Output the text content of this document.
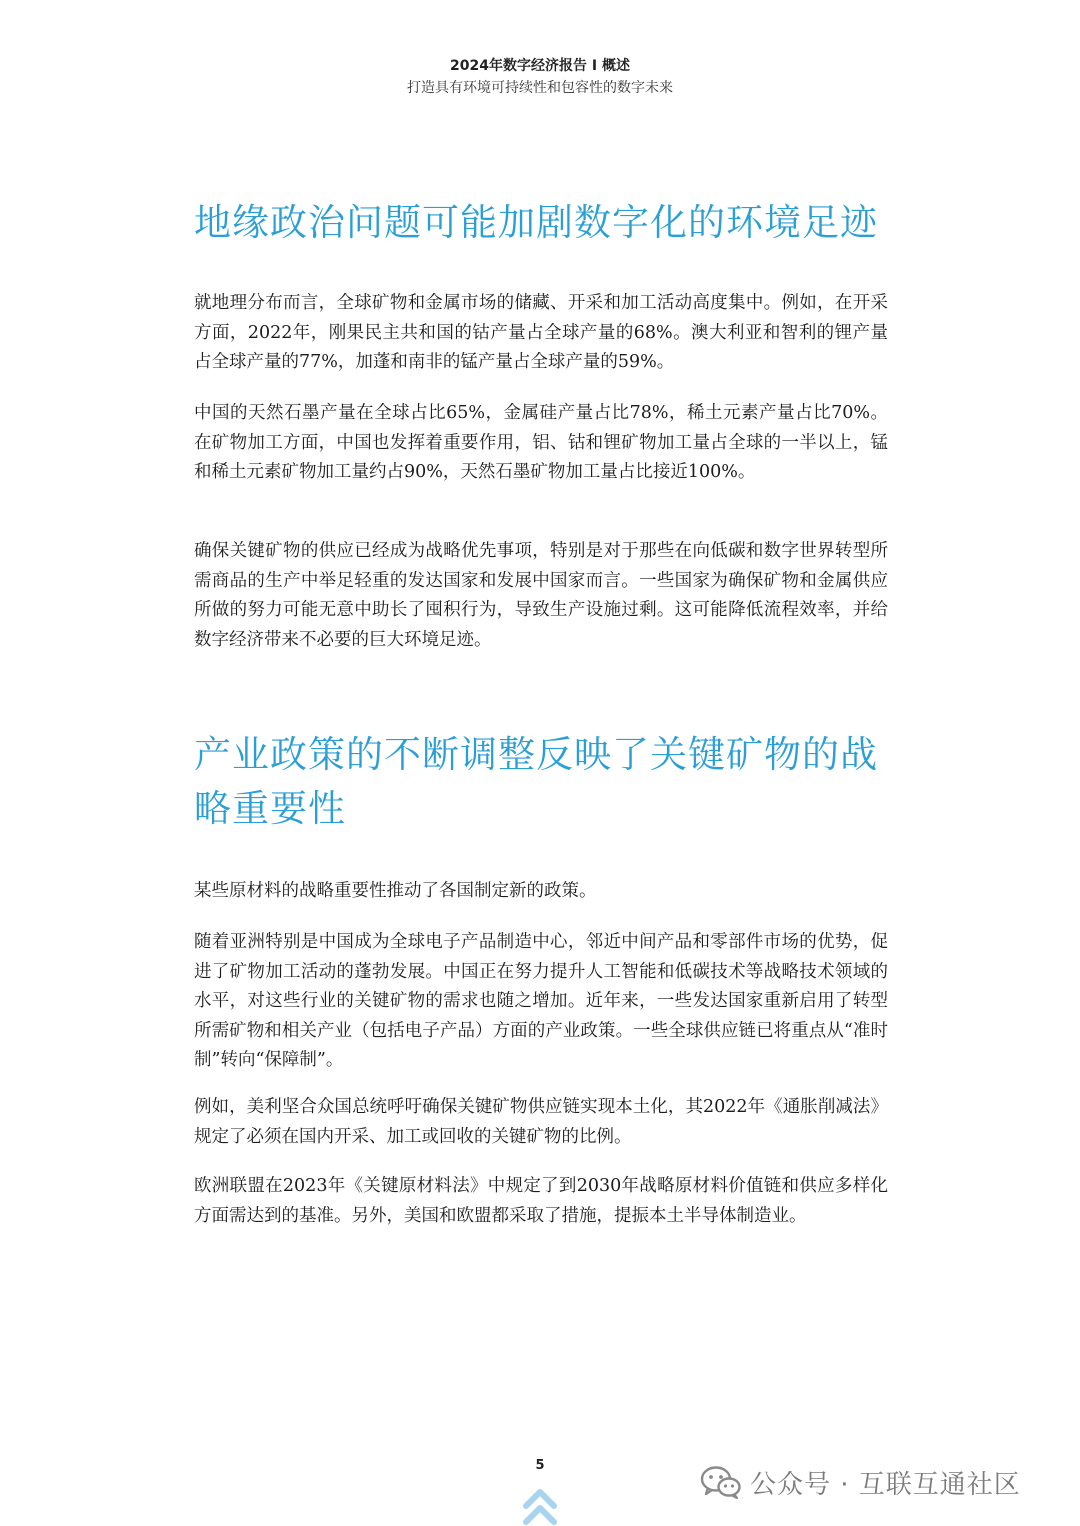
2024年数字经济报告 I 概述
打造具有环境可持续性和包容性的数字未来
地缘政治问题可能加剧数字化的环境足迹

就地理分布而言，全球矿物和金属市场的储藏、开采和加工活动高度集中。例如，在开采方面，2022年，刚果民主共和国的钴产量占全球产量的68%。澳大利亚和智利的锂产量占全球产量的77%，加蓬和南非的锰产量占全球产量的59%。

中国的天然石墨产量在全球占比65%，金属硅产量占比78%，稀土元素产量占比70%。在矿物加工方面，中国也发挥着重要作用，铝、钴和锂矿物加工量占全球的一半以上，锰和稀土元素矿物加工量约占90%，天然石墨矿物加工量占比接近100%。

确保关键矿物的供应已经成为战略优先事项，特别是对于那些在向低碳和数字世界转型所需商品的生产中举足轻重的发达国家和发展中国家而言。一些国家为确保矿物和金属供应所做的努力可能无意中助长了囤积行为，导致生产设施过剩。这可能降低流程效率，并给数字经济带来不必要的巨大环境足迹。

产业政策的不断调整反映了关键矿物的战略重要性

某些原材料的战略重要性推动了各国制定新的政策。

随着亚洲特别是中国成为全球电子产品制造中心，邻近中间产品和零部件市场的优势，促进了矿物加工活动的蓬勃发展。中国正在努力提升人工智能和低碳技术等战略技术领域的水平，对这些行业的关键矿物的需求也随之增加。近年来，一些发达国家重新启用了转型所需矿物和相关产业（包括电子产品）方面的产业政策。一些全球供应链已将重点从“准时制”转向“保障制”。

例如，美利坚合众国总统呼吁确保关键矿物供应链实现本土化，其2022年《通胀削减法》规定了必须在国内开采、加工或回收的关键矿物的比例。

欧洲联盟在2023年《关键原材料法》中规定了到2030年战略原材料价值链和供应多样化方面需达到的基准。另外，美国和欧盟都采取了措施，提振本土半导体制造业。

5
公众号 · 互联互通社区
